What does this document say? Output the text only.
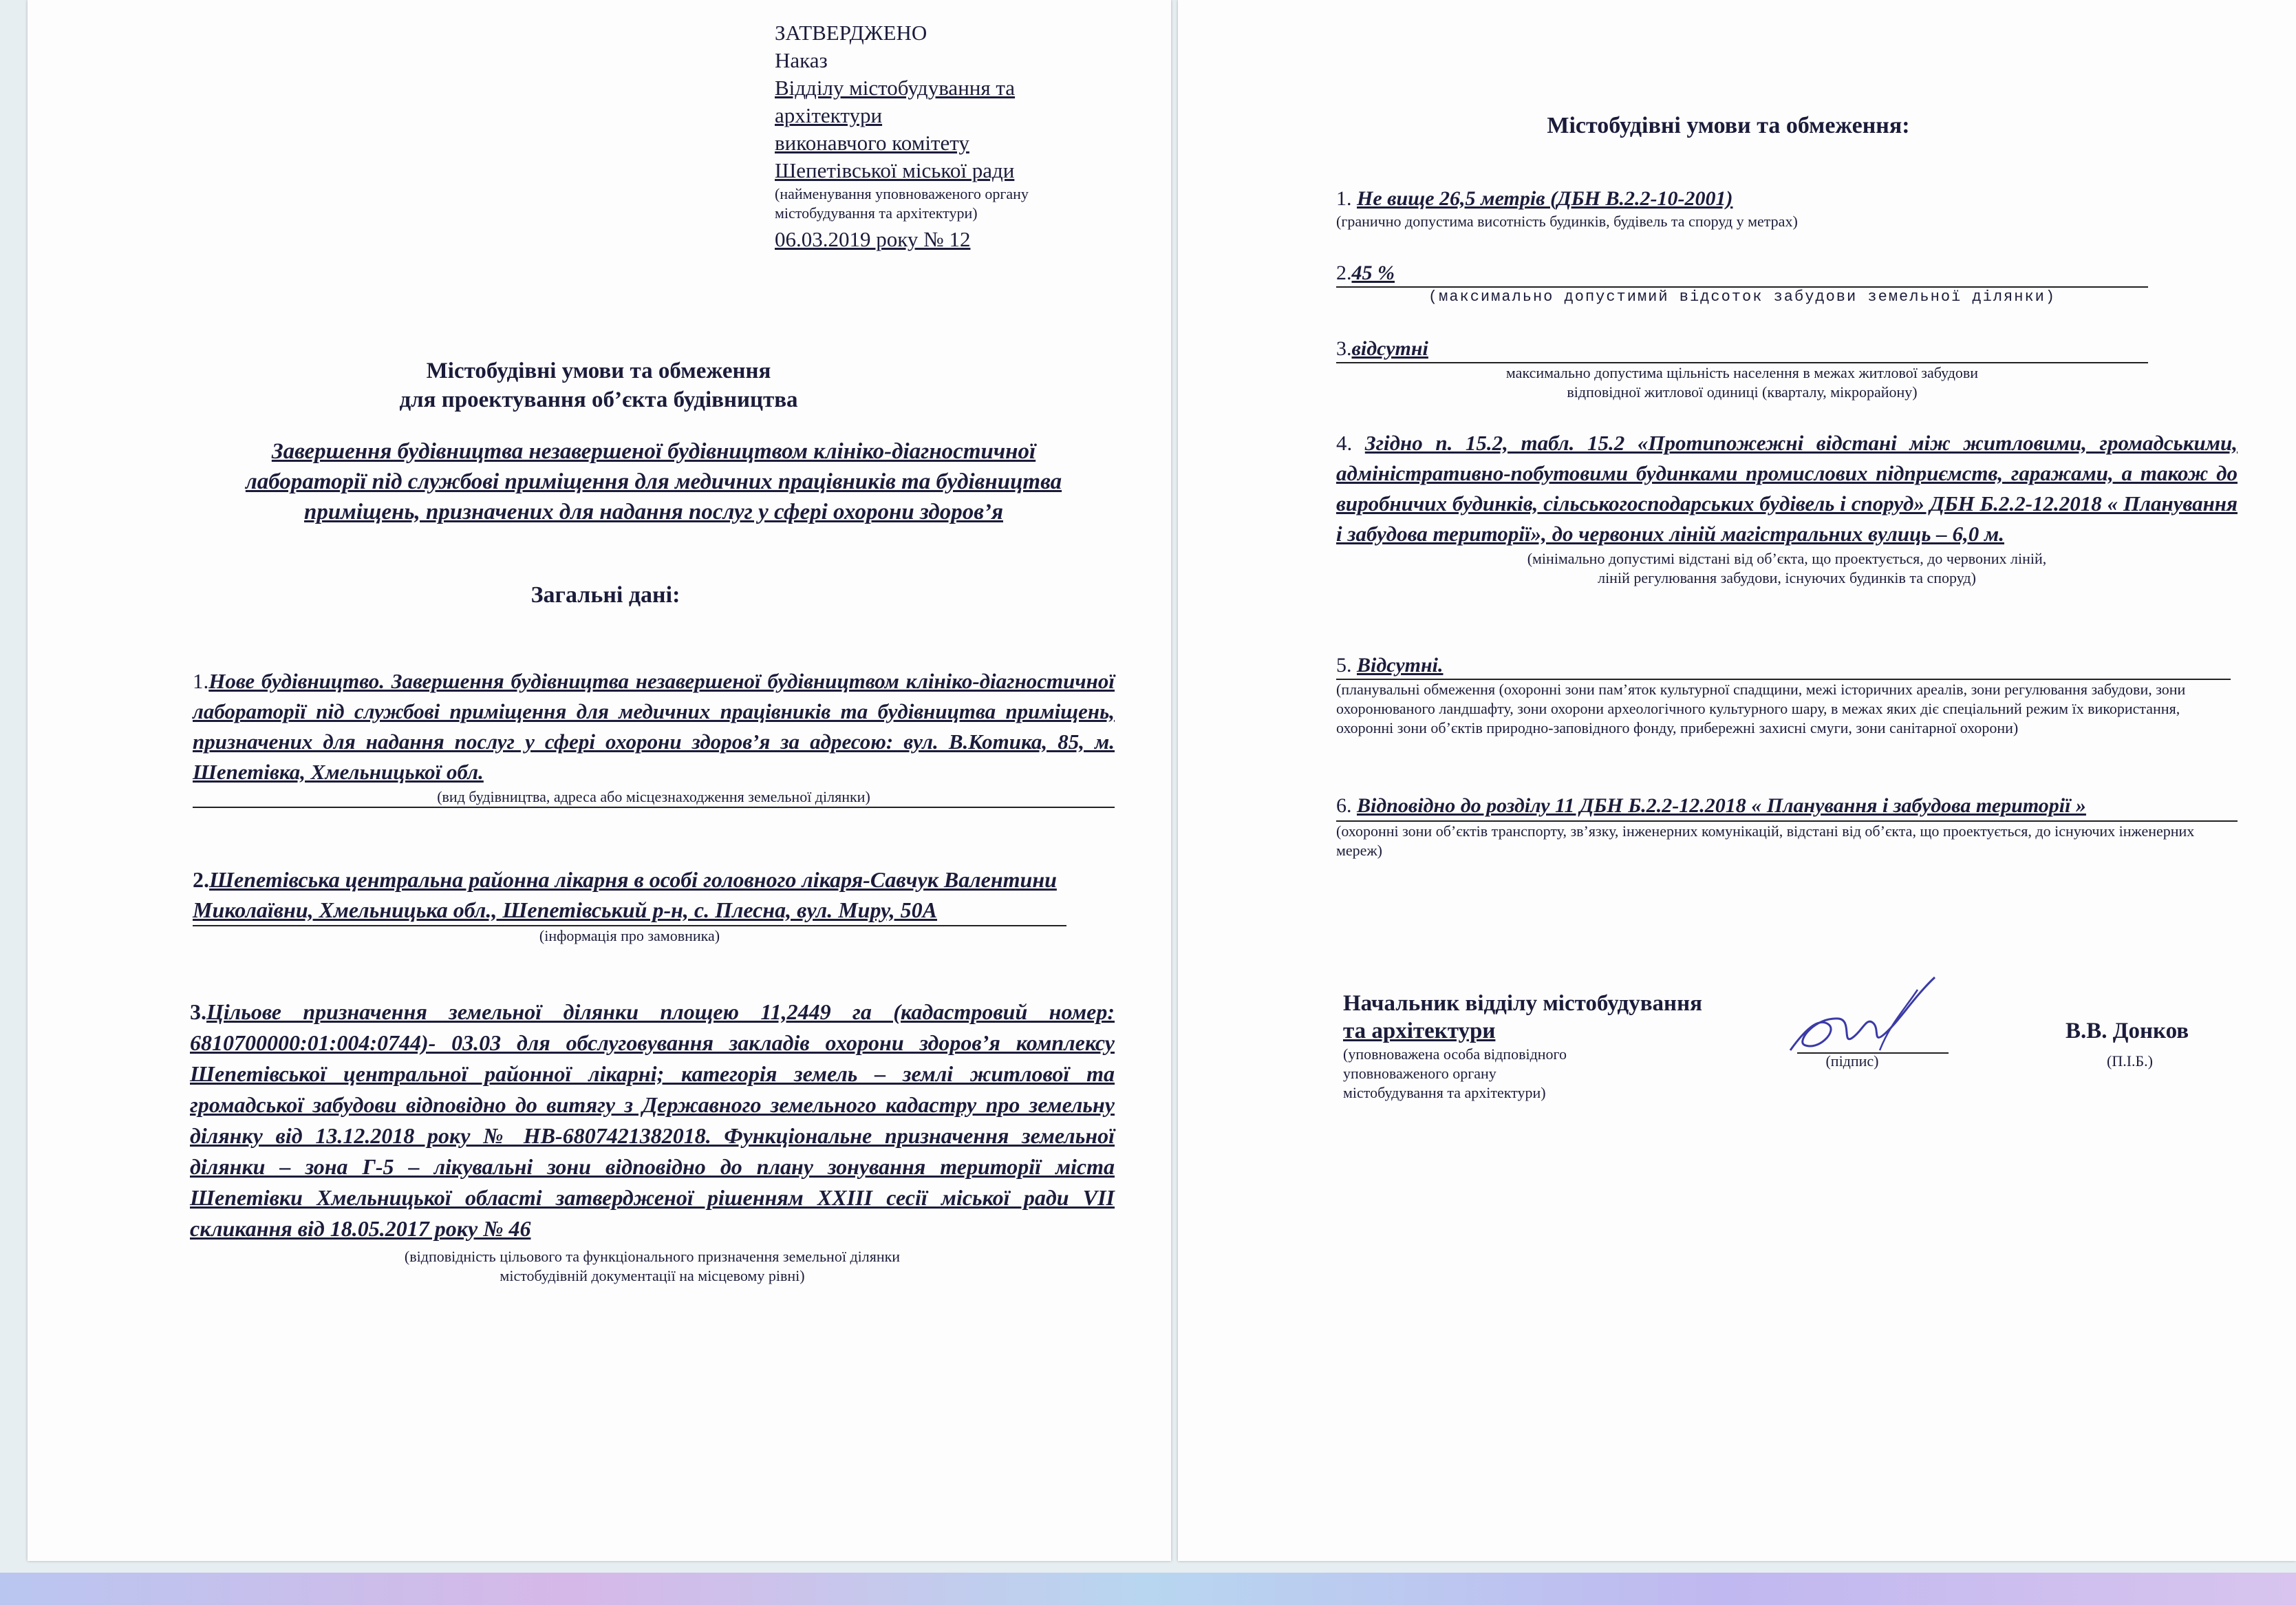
ЗАТВЕРДЖЕНО
Наказ
Відділу містобудування та
архітектури
виконавчого комітету
Шепетівської міської ради
(найменування уповноваженого органу містобудування та архітектури)
06.03.2019 року № 12
Містобудівні умови та обмеження
для проектування об’єкта будівництва
Завершення будівництва незавершеної будівництвом клініко-діагностичної лабораторії під службові приміщення для медичних працівників та будівництва приміщень, призначених для надання послуг у сфері охорони здоров’я
Загальні дані:
1.Нове будівництво. Завершення будівництва незавершеної будівництвом клініко-діагностичної лабораторії під службові приміщення для медичних працівників та будівництва приміщень, призначених для надання послуг у сфері охорони здоров’я за адресою: вул. В.Котика, 85, м. Шепетівка, Хмельницької обл.
(вид будівництва, адреса або місцезнаходження земельної ділянки)
2.Шепетівська центральна районна лікарня в особі головного лікаря-Савчук Валентини Миколаївни, Хмельницька обл., Шепетівський р-н, с. Плесна, вул. Миру, 50А
(інформація про замовника)
3.Цільове призначення земельної ділянки площею 11,2449 га (кадастровий номер: 6810700000:01:004:0744)- 03.03 для обслуговування закладів охорони здоров’я комплексу Шепетівської центральної районної лікарні; категорія земель – землі житлової та громадської забудови відповідно до витягу з Державного земельного кадастру про земельну ділянку від 13.12.2018 року № НВ-6807421382018. Функціональне призначення земельної ділянки – зона Г-5 – лікувальні зони відповідно до плану зонування території міста Шепетівки Хмельницької області затвердженої рішенням XXIII сесії міської ради VII скликання від 18.05.2017 року № 46
(відповідність цільового та функціонального призначення земельної ділянки
містобудівній документації на місцевому рівні)
Містобудівні умови та обмеження:
1. Не вище 26,5 метрів (ДБН В.2.2-10-2001)
(гранично допустима висотність будинків, будівель та споруд у метрах)
2.45 %
(максимально допустимий відсоток забудови земельної ділянки)
3.відсутні
максимально допустима щільність населення в межах житлової забудови
відповідної житлової одиниці (кварталу, мікрорайону)
4. Згідно п. 15.2, табл. 15.2 «Протипожежні відстані між житловими, громадськими, адміністративно-побутовими будинками промислових підприємств, гаражами, а також до виробничих будинків, сільськогосподарських будівель і споруд» ДБН Б.2.2-12.2018 « Планування і забудова території», до червоних ліній магістральних вулиць – 6,0 м.
(мінімально допустимі відстані від об’єкта, що проектується, до червоних ліній,
ліній регулювання забудови, існуючих будинків та споруд)
5. Відсутні.
(планувальні обмеження (охоронні зони пам’яток культурної спадщини, межі історичних ареалів, зони регулювання забудови, зони охоронюваного ландшафту, зони охорони археологічного культурного шару, в межах яких діє спеціальний режим їх використання, охоронні зони об’єктів природно-заповідного фонду, прибережні захисні смуги, зони санітарної охорони)
6. Відповідно до розділу 11 ДБН Б.2.2-12.2018 « Планування і забудова території »
(охоронні зони об’єктів транспорту, зв’язку, інженерних комунікацій, відстані від об’єкта, що проектується, до існуючих інженерних мереж)
Начальник відділу містобудування
та архітектури
(уповноважена особа відповідного
уповноваженого органу
містобудування та архітектури)
(підпис)
В.В. Донков
(П.І.Б.)
